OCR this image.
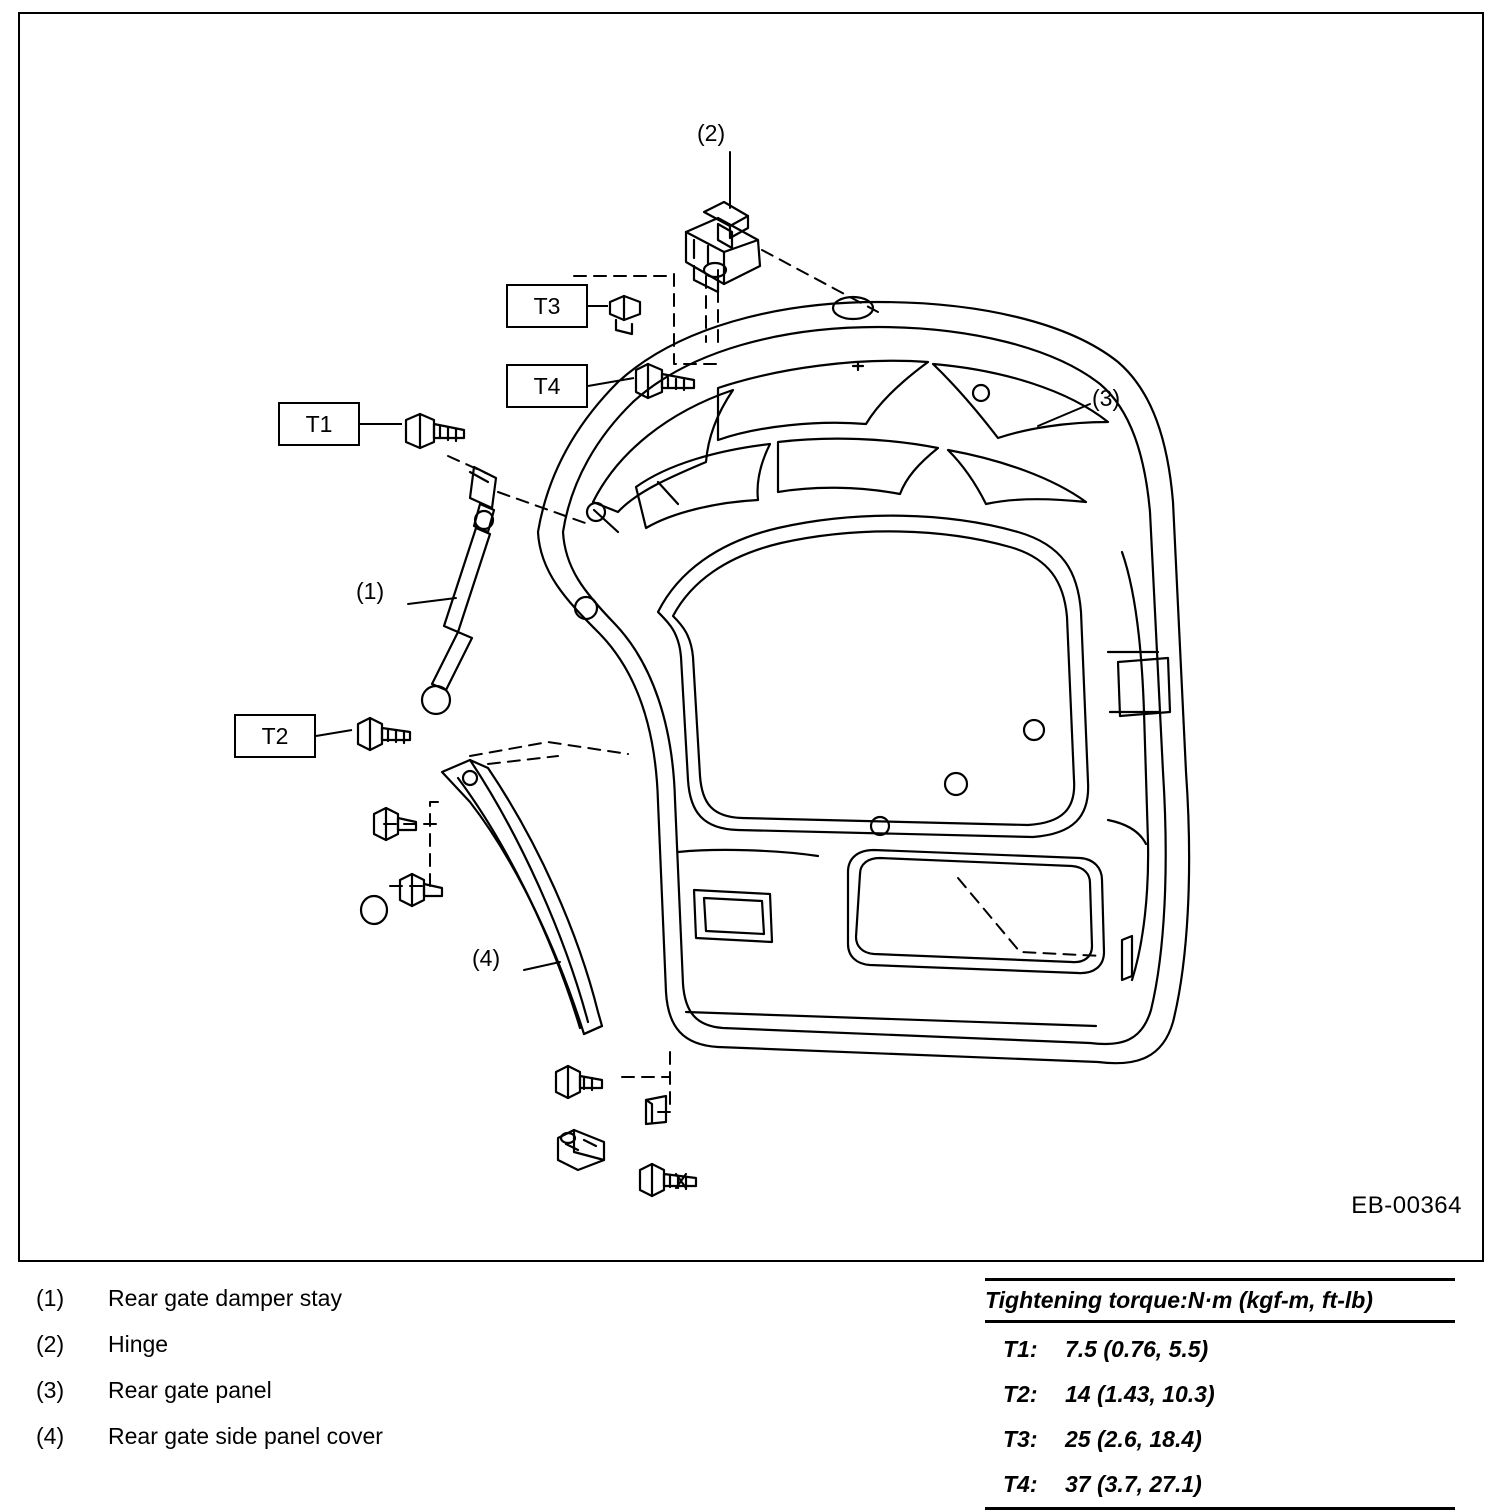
T3
T4
T1
T2
(2)
(3)
(1)
(4)
EB-00364
(1)	Rear gate damper stay
(2)	Hinge
(3)	Rear gate panel
(4)	Rear gate side panel cover
Tightening torque:N·m (kgf-m, ft-lb)
T1:	7.5 (0.76, 5.5)
T2:	14 (1.43, 10.3)
T3:	25 (2.6, 18.4)
T4:	37 (3.7, 27.1)
